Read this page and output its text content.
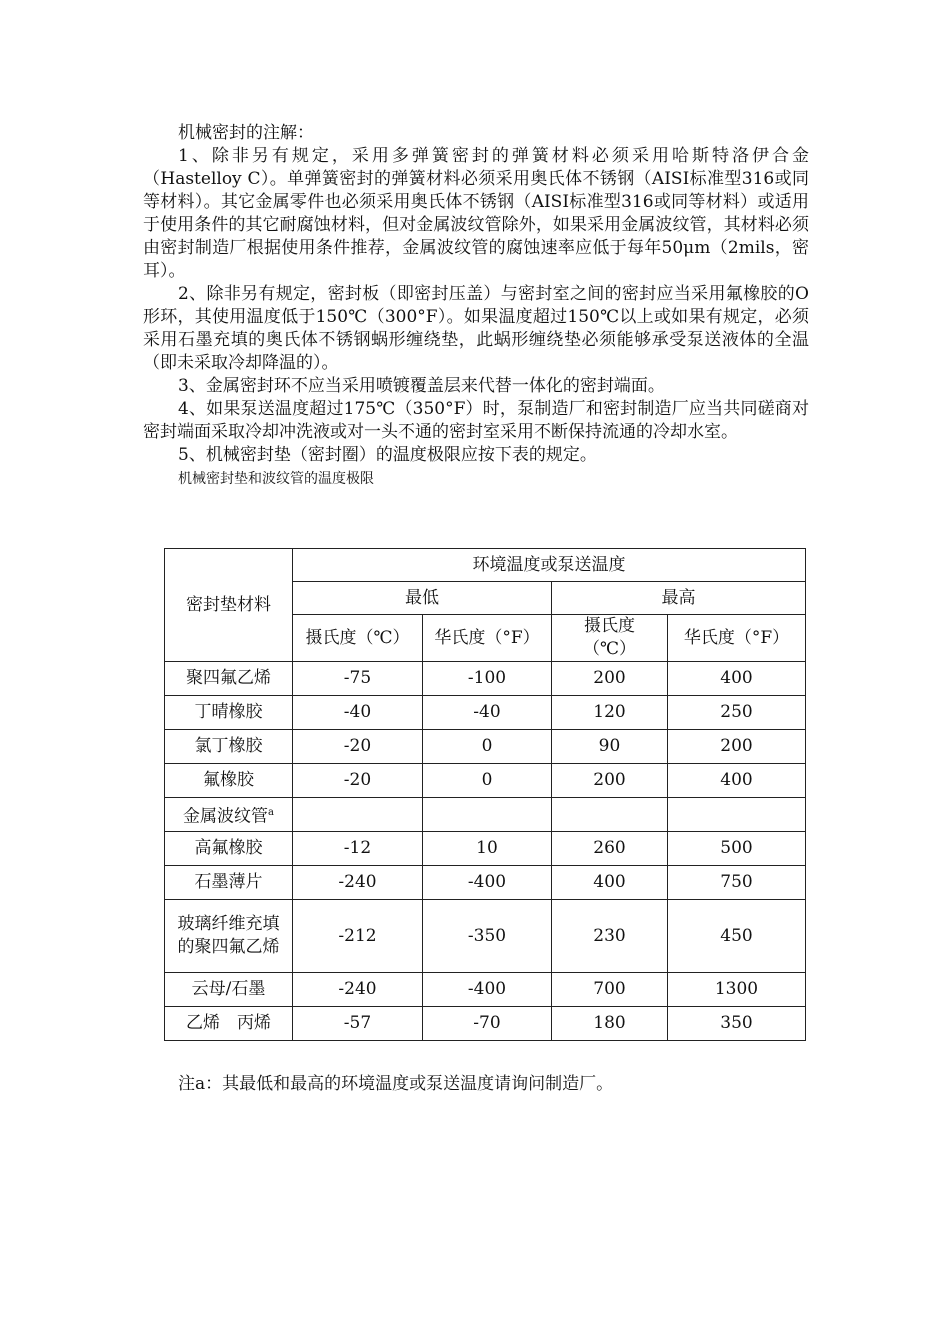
机械密封的注解：

1、除非另有规定，采用多弹簧密封的弹簧材料必须采用哈斯特洛伊合金（Hastelloy C）。单弹簧密封的弹簧材料必须采用奥氏体不锈钢（AISI标准型316或同等材料）。其它金属零件也必须采用奥氏体不锈钢（AISI标准型316或同等材料）或适用于使用条件的其它耐腐蚀材料，但对金属波纹管除外，如果采用金属波纹管，其材料必须由密封制造厂根据使用条件推荐，金属波纹管的腐蚀速率应低于每年50μm（2mils，密耳）。

2、除非另有规定，密封板（即密封压盖）与密封室之间的密封应当采用氟橡胶的O形环，其使用温度低于150℃（300°F）。如果温度超过150℃以上或如果有规定，必须采用石墨充填的奥氏体不锈钢蜗形缠绕垫，此蜗形缠绕垫必须能够承受泵送液体的全温（即未采取冷却降温的）。

3、金属密封环不应当采用喷镀覆盖层来代替一体化的密封端面。

4、如果泵送温度超过175℃（350°F）时，泵制造厂和密封制造厂应当共同磋商对密封端面采取冷却冲洗液或对一头不通的密封室采用不断保持流通的冷却水室。

5、机械密封垫（密封圈）的温度极限应按下表的规定。

机械密封垫和波纹管的温度极限

密封垫材料	环境温度或泵送温度			
	最低		最高	
	摄氏度（℃）	华氏度（°F）	摄氏度（℃）	华氏度（°F）
聚四氟乙烯	-75	-100	200	400
丁晴橡胶	-40	-40	120	250
氯丁橡胶	-20	0	90	200
氟橡胶	-20	0	200	400
金属波纹管$^a$				
高氟橡胶	-12	10	260	500
石墨薄片	-240	-400	400	750
玻璃纤维充填的聚四氟乙烯	-212	-350	230	450
云母/石墨	-240	-400	700	1300
乙烯　丙烯	-57	-70	180	350
注a：其最低和最高的环境温度或泵送温度请询问制造厂。
